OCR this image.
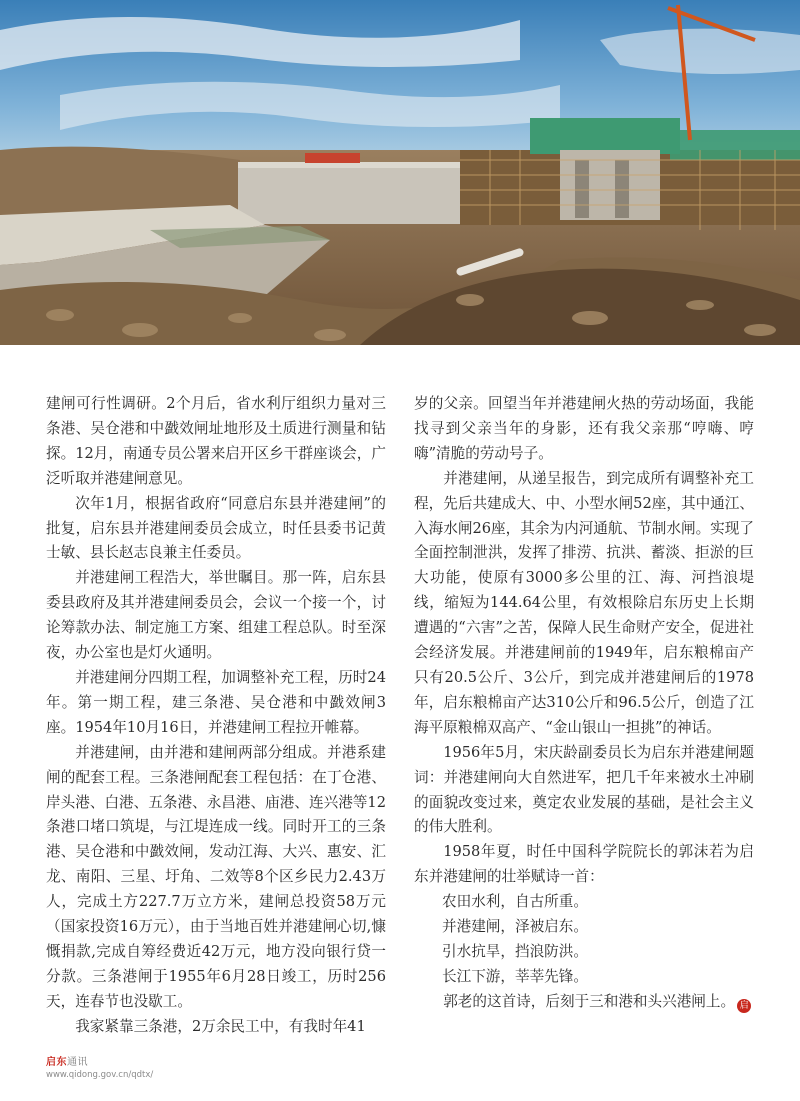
建闸可行性调研。2个月后，省水利厅组织力量对三条港、吴仓港和中戤效闸址地形及土质进行测量和钻探。12月，南通专员公署来启开区乡干群座谈会，广泛听取并港建闸意见。

次年1月，根据省政府“同意启东县并港建闸”的批复，启东县并港建闸委员会成立，时任县委书记黄士敏、县长赵志良兼主任委员。

并港建闸工程浩大，举世瞩目。那一阵，启东县委县政府及其并港建闸委员会，会议一个接一个，讨论筹款办法、制定施工方案、组建工程总队。时至深夜，办公室也是灯火通明。

并港建闸分四期工程，加调整补充工程，历时24年。第一期工程，建三条港、吴仓港和中戤效闸3座。1954年10月16日，并港建闸工程拉开帷幕。

并港建闸，由并港和建闸两部分组成。并港系建闸的配套工程。三条港闸配套工程包括：在丁仓港、岸头港、白港、五条港、永昌港、庙港、连兴港等12条港口堵口筑堤，与江堤连成一线。同时开工的三条港、吴仓港和中戤效闸，发动江海、大兴、惠安、汇龙、南阳、三星、圩角、二效等8个区乡民力2.43万人，完成土方227.7万立方米，建闸总投资58万元（国家投资16万元），由于当地百姓并港建闸心切,慷慨捐款,完成自筹经费近42万元，地方没向银行贷一分款。三条港闸于1955年6月28日竣工，历时256天，连春节也没歇工。

我家紧靠三条港，2万余民工中，有我时年41

岁的父亲。回望当年并港建闸火热的劳动场面，我能找寻到父亲当年的身影，还有我父亲那“哼嗨、哼嗨”清脆的劳动号子。

并港建闸，从递呈报告，到完成所有调整补充工程，先后共建成大、中、小型水闸52座，其中通江、入海水闸26座，其余为内河通航、节制水闸。实现了全面控制泄洪，发挥了排涝、抗洪、蓄淡、拒淤的巨大功能，使原有3000多公里的江、海、河挡浪堤线，缩短为144.64公里，有效根除启东历史上长期遭遇的“六害”之苦，保障人民生命财产安全，促进社会经济发展。并港建闸前的1949年，启东粮棉亩产只有20.5公斤、3公斤，到完成并港建闸后的1978年，启东粮棉亩产达310公斤和96.5公斤，创造了江海平原粮棉双高产、“金山银山一担挑”的神话。

1956年5月，宋庆龄副委员长为启东并港建闸题词：并港建闸向大自然进军，把几千年来被水土冲刷的面貌改变过来，奠定农业发展的基础，是社会主义的伟大胜利。

1958年夏，时任中国科学院院长的郭沫若为启东并港建闸的壮举赋诗一首：

农田水利，自古所重。

并港建闸，泽被启东。

引水抗旱，挡浪防洪。

长江下游，莘莘先锋。

郭老的这首诗，后刻于三和港和头兴港闸上。 启

启东通讯
www.qidong.gov.cn/qdtx/
